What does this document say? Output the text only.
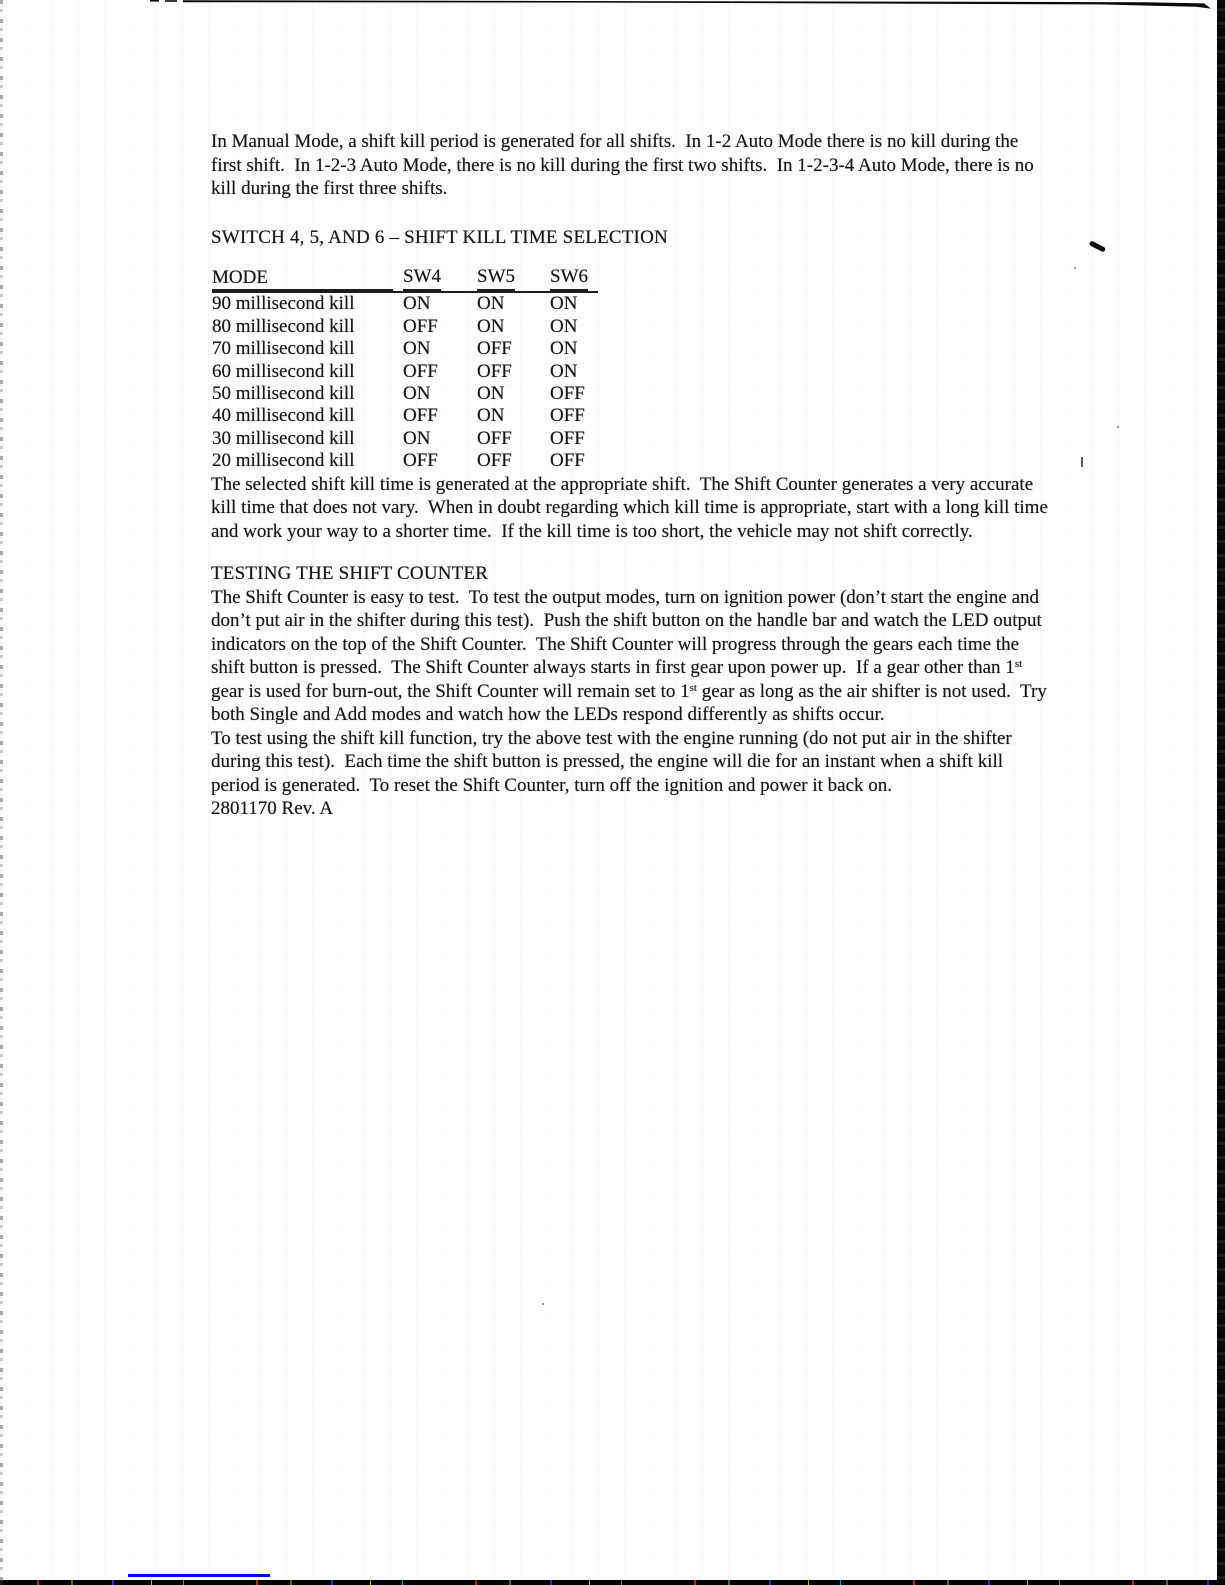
In Manual Mode, a shift kill period is generated for all shifts.  In 1-2 Auto Mode there is no kill during the first shift.  In 1-2-3 Auto Mode, there is no kill during the first two shifts.  In 1-2-3-4 Auto Mode, there is no kill during the first three shifts.

SWITCH 4, 5, AND 6 – SHIFT KILL TIME SELECTION
MODE	SW4	SW5	SW6
90 millisecond kill	ON	ON	ON
80 millisecond kill	OFF	ON	ON
70 millisecond kill	ON	OFF	ON
60 millisecond kill	OFF	OFF	ON
50 millisecond kill	ON	ON	OFF
40 millisecond kill	OFF	ON	OFF
30 millisecond kill	ON	OFF	OFF
20 millisecond kill	OFF	OFF	OFF

The selected shift kill time is generated at the appropriate shift.  The Shift Counter generates a very accurate kill time that does not vary.  When in doubt regarding which kill time is appropriate, start with a long kill time and work your way to a shorter time.  If the kill time is too short, the vehicle may not shift correctly.

TESTING THE SHIFT COUNTER

The Shift Counter is easy to test.  To test the output modes, turn on ignition power (don’t start the engine and don’t put air in the shifter during this test).  Push the shift button on the handle bar and watch the LED output indicators on the top of the Shift Counter.  The Shift Counter will progress through the gears each time the shift button is pressed.  The Shift Counter always starts in first gear upon power up.  If a gear other than 1st gear is used for burn-out, the Shift Counter will remain set to 1st gear as long as the air shifter is not used.  Try both Single and Add modes and watch how the LEDs respond differently as shifts occur.

To test using the shift kill function, try the above test with the engine running (do not put air in the shifter during this test).  Each time the shift button is pressed, the engine will die for an instant when a shift kill period is generated.  To reset the Shift Counter, turn off the ignition and power it back on.

2801170 Rev. A
